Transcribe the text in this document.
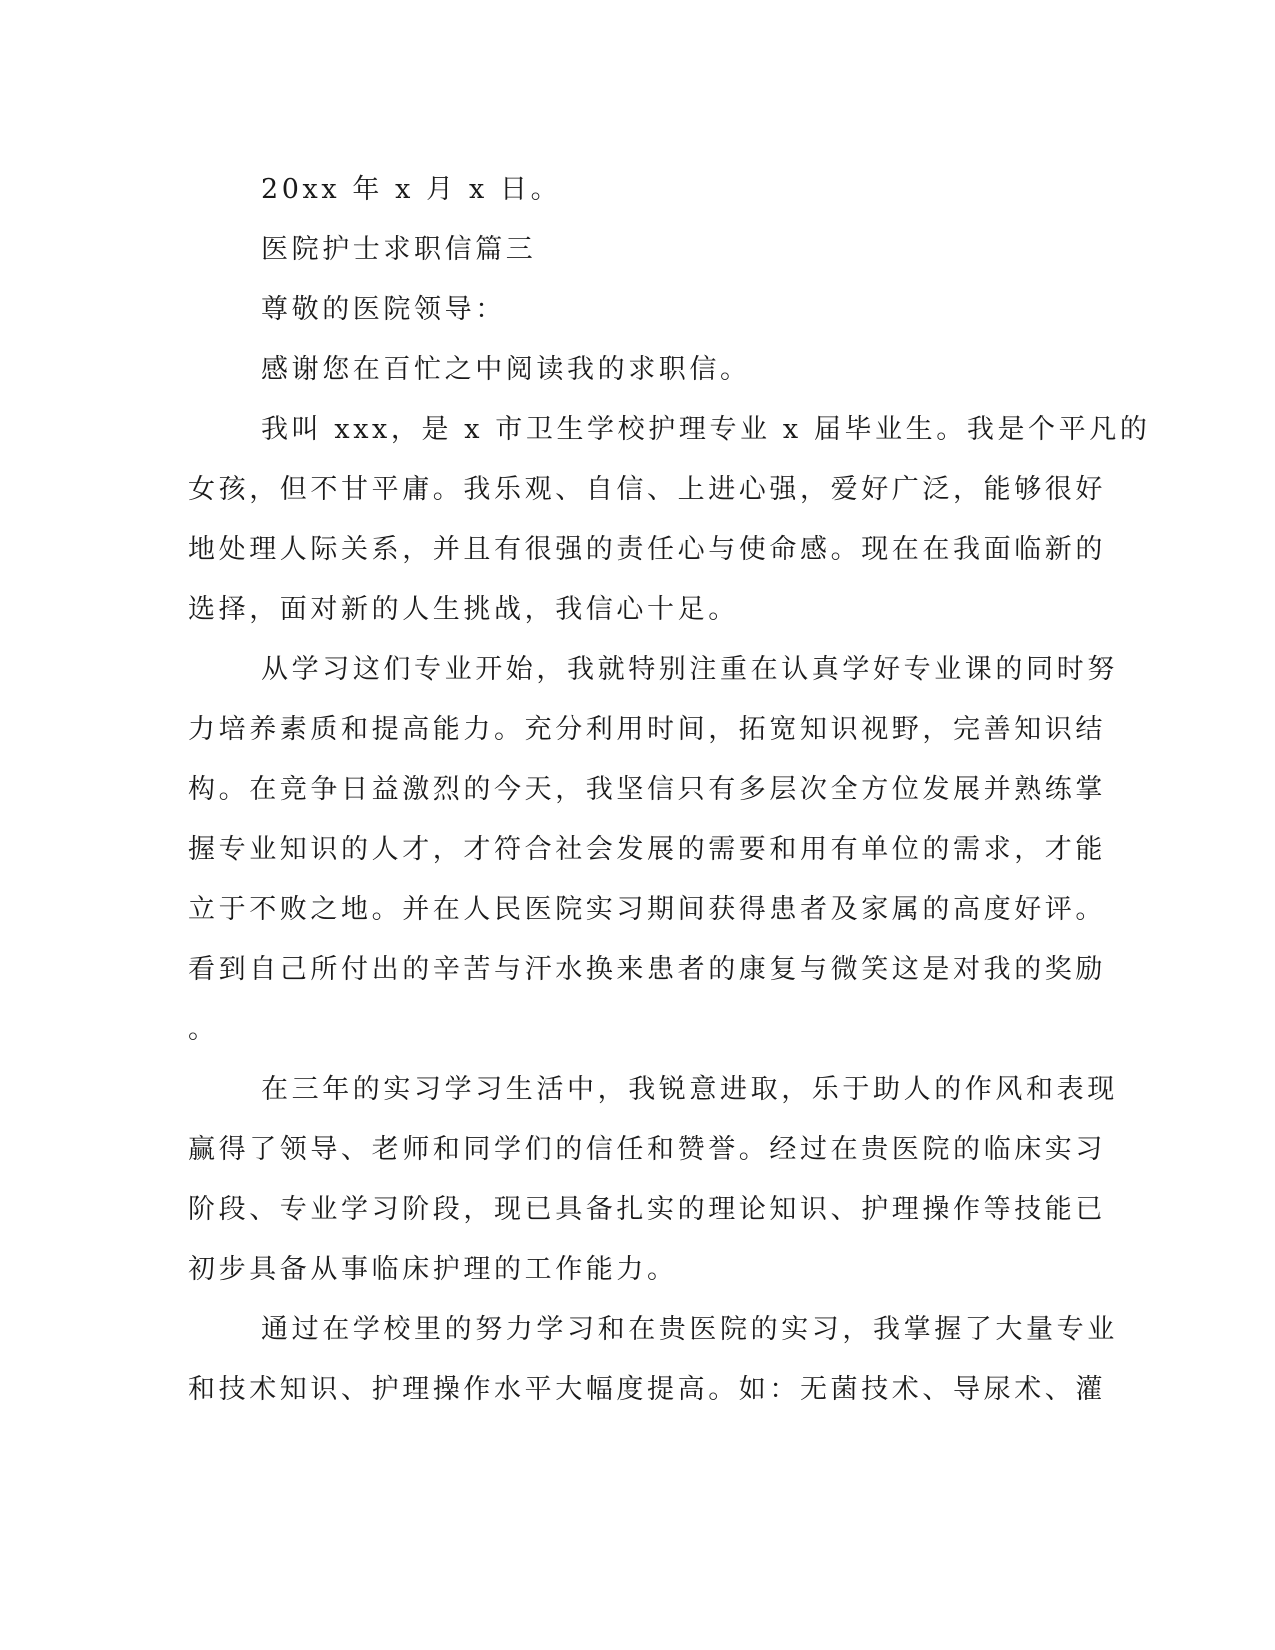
20xx 年 x 月 x 日。
医院护士求职信篇三
尊敬的医院领导：
感谢您在百忙之中阅读我的求职信。
我叫 xxx，是 x 市卫生学校护理专业 x 届毕业生。我是个平凡的
女孩，但不甘平庸。我乐观、自信、上进心强，爱好广泛，能够很好
地处理人际关系，并且有很强的责任心与使命感。现在在我面临新的
选择，面对新的人生挑战，我信心十足。
从学习这们专业开始，我就特别注重在认真学好专业课的同时努
力培养素质和提高能力。充分利用时间，拓宽知识视野，完善知识结
构。在竞争日益激烈的今天，我坚信只有多层次全方位发展并熟练掌
握专业知识的人才，才符合社会发展的需要和用有单位的需求，才能
立于不败之地。并在人民医院实习期间获得患者及家属的高度好评。
看到自己所付出的辛苦与汗水换来患者的康复与微笑这是对我的奖励
。
在三年的实习学习生活中，我锐意进取，乐于助人的作风和表现
赢得了领导、老师和同学们的信任和赞誉。经过在贵医院的临床实习
阶段、专业学习阶段，现已具备扎实的理论知识、护理操作等技能已
初步具备从事临床护理的工作能力。
通过在学校里的努力学习和在贵医院的实习，我掌握了大量专业
和技术知识、护理操作水平大幅度提高。如：无菌技术、导尿术、灌
